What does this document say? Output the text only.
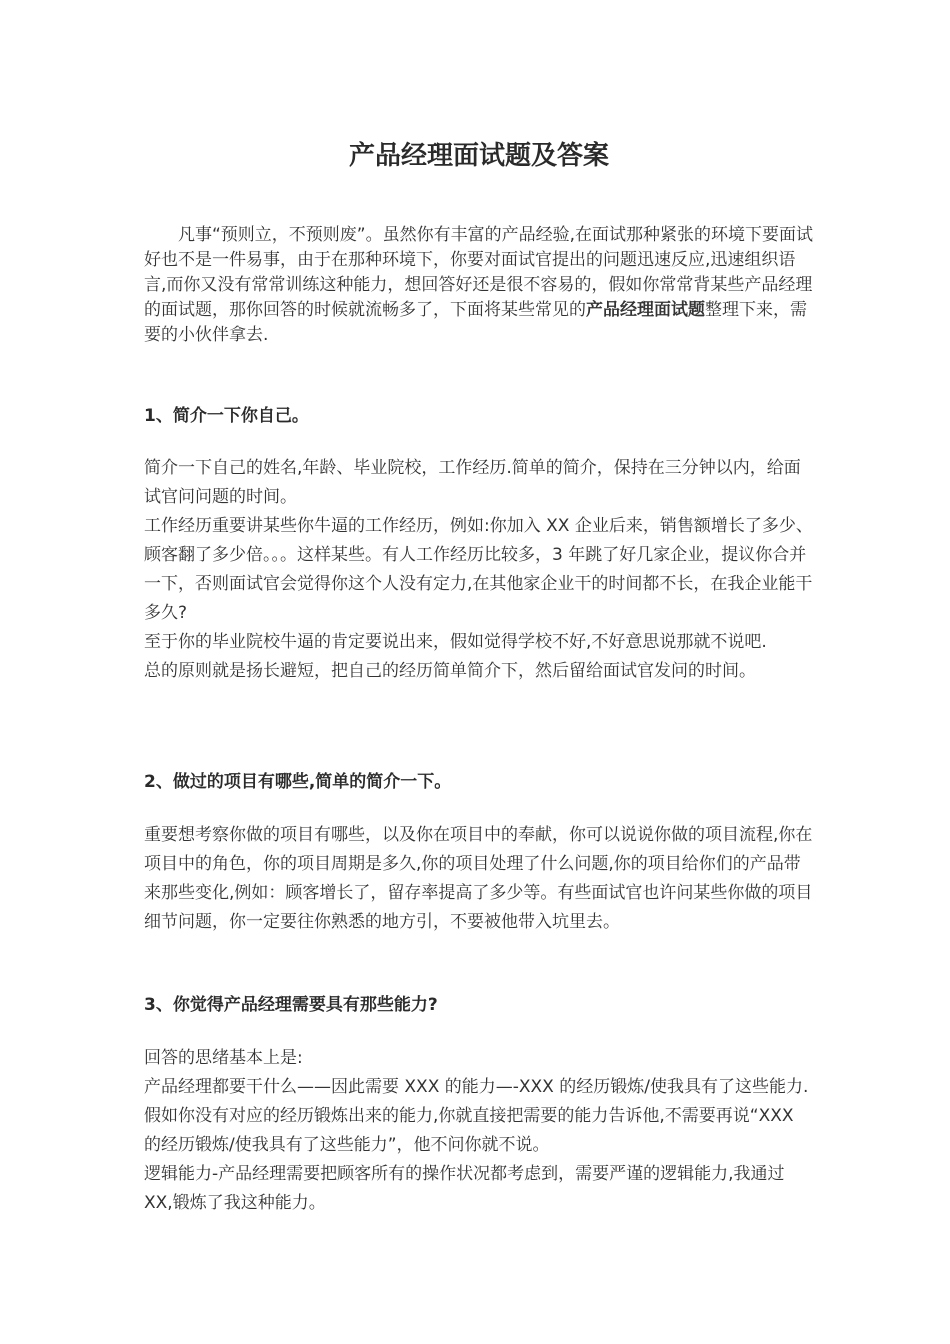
产品经理面试题及答案

凡事“预则立，不预则废”。虽然你有丰富的产品经验,在面试那种紧张的环境下要面试好也不是一件易事，由于在那种环境下，你要对面试官提出的问题迅速反应,迅速组织语言,而你又没有常常训练这种能力，想回答好还是很不容易的，假如你常常背某些产品经理的面试题，那你回答的时候就流畅多了，下面将某些常见的产品经理面试题整理下来，需要的小伙伴拿去.

1、简介一下你自己。

简介一下自己的姓名,年龄、毕业院校，工作经历.简单的简介，保持在三分钟以内，给面试官问问题的时间。

工作经历重要讲某些你牛逼的工作经历，例如:你加入 XX 企业后来，销售额增长了多少、顾客翻了多少倍。。。这样某些。有人工作经历比较多，3 年跳了好几家企业，提议你合并一下，否则面试官会觉得你这个人没有定力,在其他家企业干的时间都不长，在我企业能干多久?

至于你的毕业院校牛逼的肯定要说出来，假如觉得学校不好,不好意思说那就不说吧.

总的原则就是扬长避短，把自己的经历简单简介下，然后留给面试官发问的时间。

2、做过的项目有哪些,简单的简介一下。

重要想考察你做的项目有哪些，以及你在项目中的奉献，你可以说说你做的项目流程,你在项目中的角色，你的项目周期是多久,你的项目处理了什么问题,你的项目给你们的产品带来那些变化,例如：顾客增长了，留存率提高了多少等。有些面试官也许问某些你做的项目细节问题，你一定要往你熟悉的地方引，不要被他带入坑里去。

3、你觉得产品经理需要具有那些能力?

回答的思绪基本上是:

产品经理都要干什么——因此需要 XXX 的能力—-XXX 的经历锻炼/使我具有了这些能力.假如你没有对应的经历锻炼出来的能力,你就直接把需要的能力告诉他,不需要再说“XXX 的经历锻炼/使我具有了这些能力”，他不问你就不说。

逻辑能力-产品经理需要把顾客所有的操作状况都考虑到，需要严谨的逻辑能力,我通过 XX,锻炼了我这种能力。
